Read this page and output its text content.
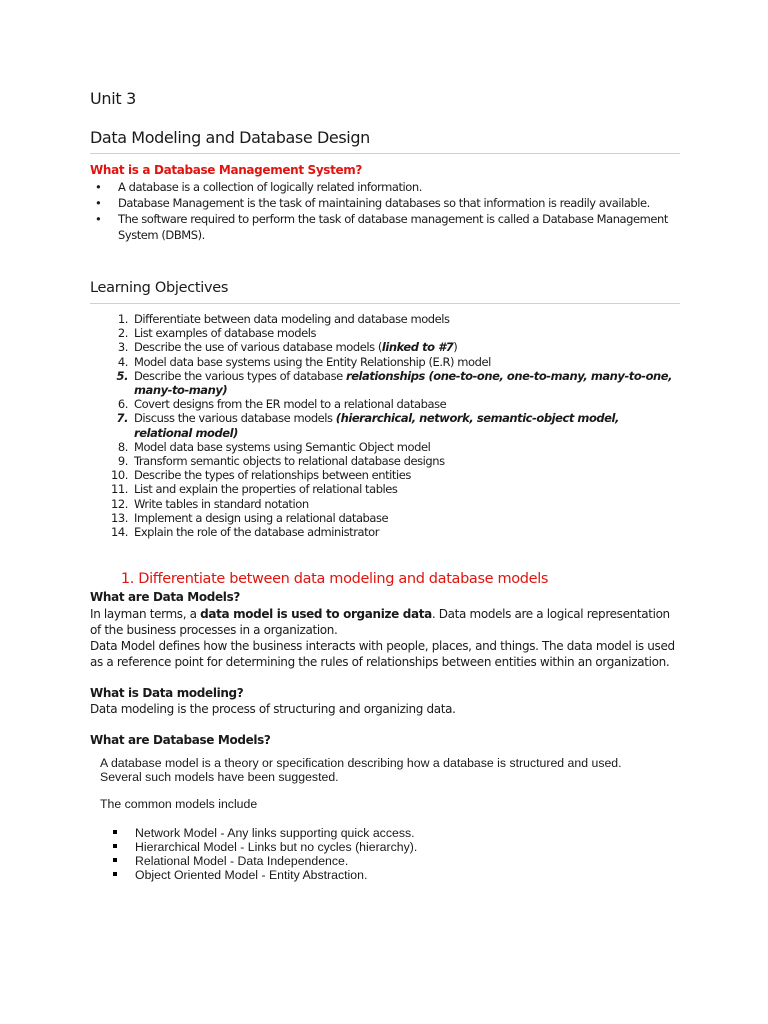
Unit 3
Data Modeling and Database Design
What is a Database Management System?
• A database is a collection of logically related information.
• Database Management is the task of maintaining databases so that information is readily available.
• The software required to perform the task of database management is called a Database Management System (DBMS).
Learning Objectives
1. Differentiate between data modeling and database models
2. List examples of database models
3. Describe the use of various database models (linked to #7)
4. Model data base systems using the Entity Relationship (E.R) model
5. Describe the various types of database relationships (one-to-one, one-to-many, many-to-one, many-to-many)
6. Covert designs from the ER model to a relational database
7. Discuss the various database models (hierarchical, network, semantic-object model, relational model)
8. Model data base systems using Semantic Object model
9. Transform semantic objects to relational database designs
10. Describe the types of relationships between entities
11. List and explain the properties of relational tables
12. Write tables in standard notation
13. Implement a design using a relational database
14. Explain the role of the database administrator
1. Differentiate between data modeling and database models
What are Data Models?

In layman terms, a data model is used to organize data. Data models are a logical representation of the business processes in a organization.

Data Model defines how the business interacts with people, places, and things. The data model is used as a reference point for determining the rules of relationships between entities within an organization.

What is Data modeling?

Data modeling is the process of structuring and organizing data.

What are Database Models?

A database model is a theory or specification describing how a database is structured and used. Several such models have been suggested.

The common models include

Network Model - Any links supporting quick access.
Hierarchical Model - Links but no cycles (hierarchy).
Relational Model - Data Independence.
Object Oriented Model - Entity Abstraction.
